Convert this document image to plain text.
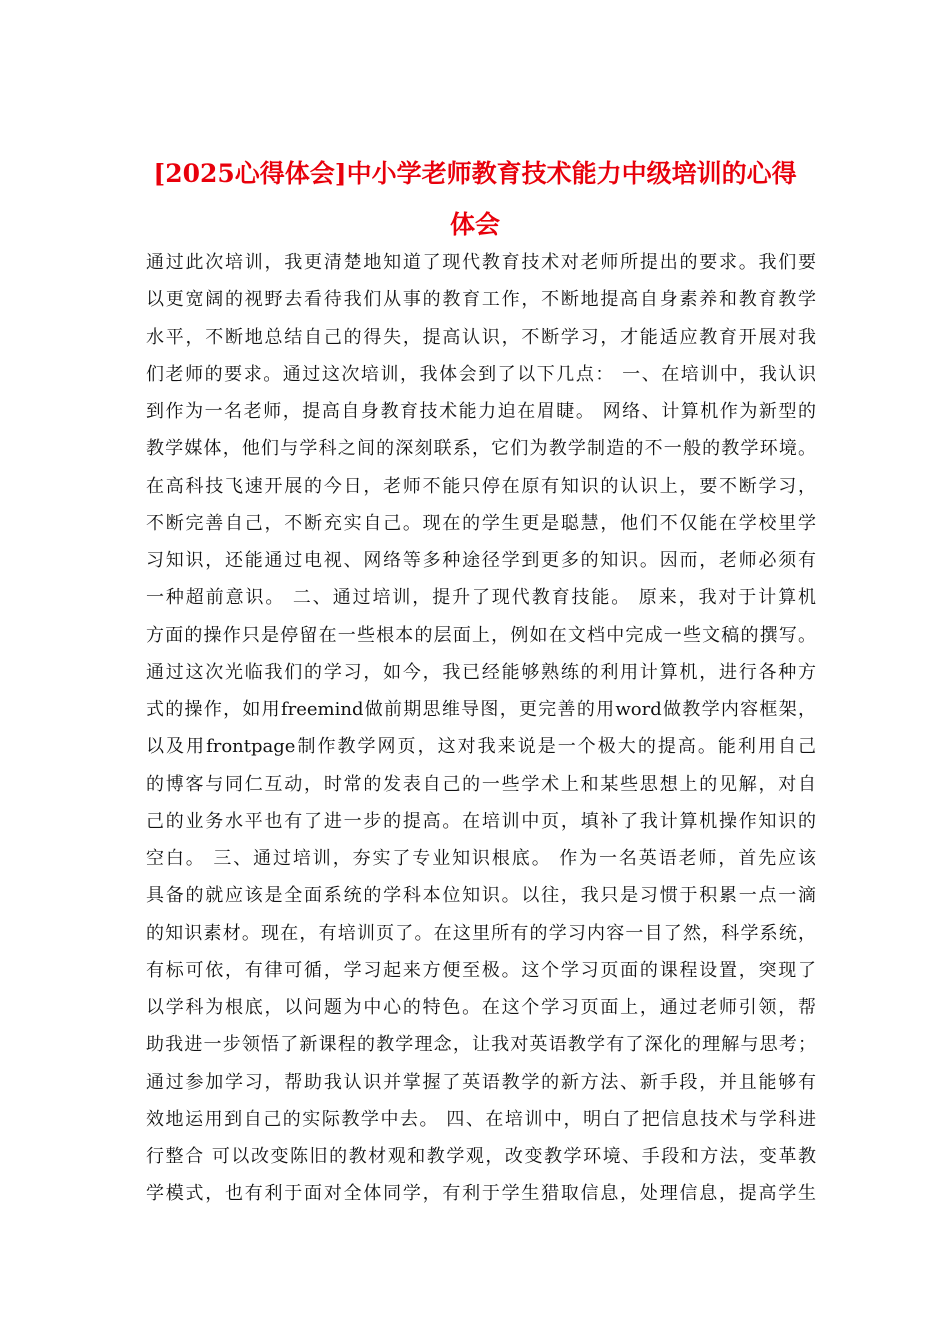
[2025心得体会]中小学老师教育技术能力中级培训的心得
体会
通过此次培训，我更清楚地知道了现代教育技术对老师所提出的要求。我们要
以更宽阔的视野去看待我们从事的教育工作，不断地提高自身素养和教育教学
水平，不断地总结自己的得失，提高认识，不断学习，才能适应教育开展对我
们老师的要求。通过这次培训，我体会到了以下几点： 一、在培训中，我认识
到作为一名老师，提高自身教育技术能力迫在眉睫。 网络、计算机作为新型的
教学媒体，他们与学科之间的深刻联系，它们为教学制造的不一般的教学环境。
在高科技飞速开展的今日，老师不能只停在原有知识的认识上，要不断学习，
不断完善自己，不断充实自己。现在的学生更是聪慧，他们不仅能在学校里学
习知识，还能通过电视、网络等多种途径学到更多的知识。因而，老师必须有
一种超前意识。 二、通过培训，提升了现代教育技能。 原来，我对于计算机
方面的操作只是停留在一些根本的层面上，例如在文档中完成一些文稿的撰写。
通过这次光临我们的学习，如今，我已经能够熟练的利用计算机，进行各种方
式的操作，如用freemind做前期思维导图，更完善的用word做教学内容框架，
以及用frontpage制作教学网页，这对我来说是一个极大的提高。能利用自己
的博客与同仁互动，时常的发表自己的一些学术上和某些思想上的见解，对自
己的业务水平也有了进一步的提高。在培训中页，填补了我计算机操作知识的
空白。 三、通过培训，夯实了专业知识根底。 作为一名英语老师，首先应该
具备的就应该是全面系统的学科本位知识。以往，我只是习惯于积累一点一滴
的知识素材。现在，有培训页了。在这里所有的学习内容一目了然，科学系统，
有标可依，有律可循，学习起来方便至极。这个学习页面的课程设置，突现了
以学科为根底，以问题为中心的特色。在这个学习页面上，通过老师引领，帮
助我进一步领悟了新课程的教学理念，让我对英语教学有了深化的理解与思考；
通过参加学习，帮助我认识并掌握了英语教学的新方法、新手段，并且能够有
效地运用到自己的实际教学中去。 四、在培训中，明白了把信息技术与学科进
行整合 可以改变陈旧的教材观和教学观，改变教学环境、手段和方法，变革教
学模式，也有利于面对全体同学，有利于学生猎取信息，处理信息，提高学生
